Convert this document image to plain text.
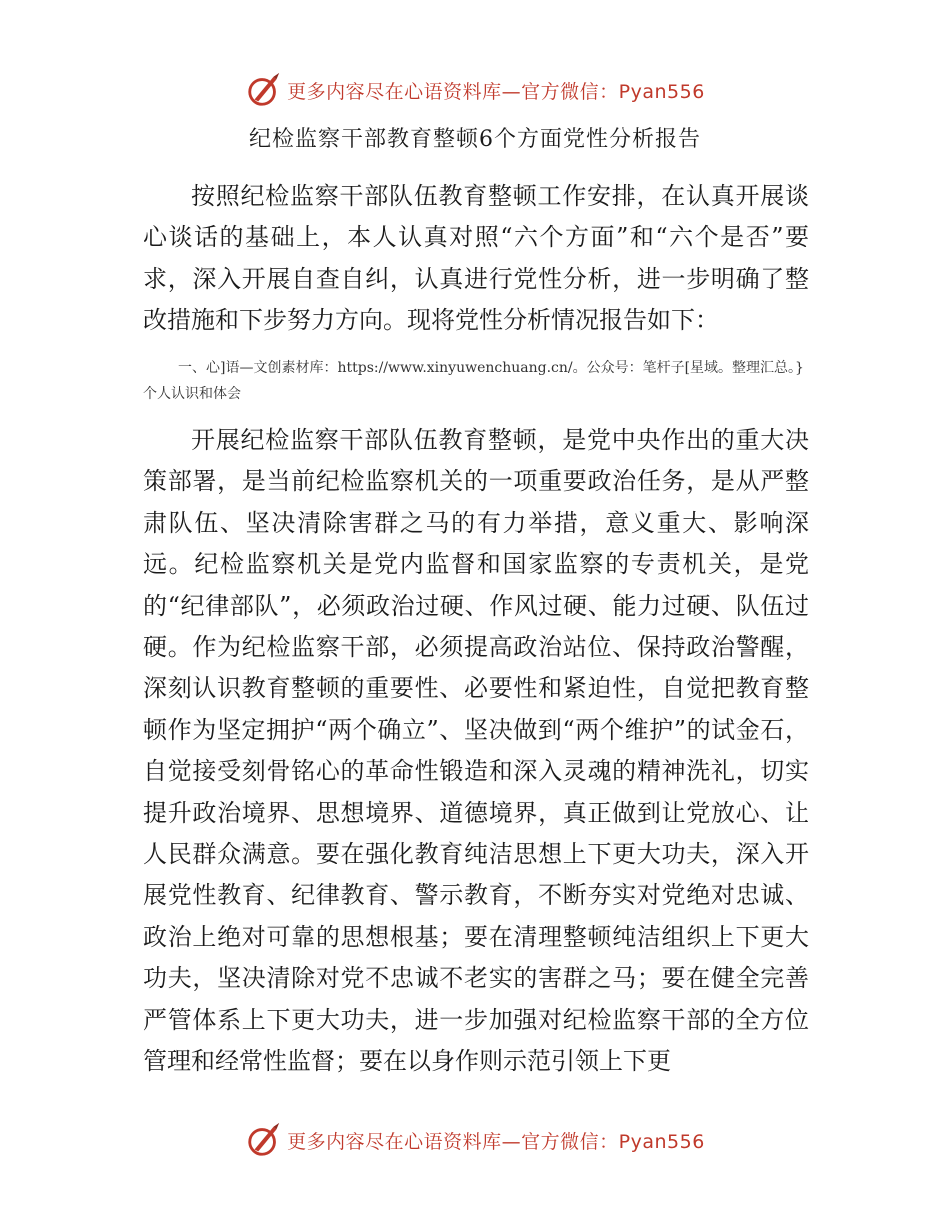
更多内容尽在心语资料库—官方微信：Pyan556
纪检监察干部教育整顿6个方面党性分析报告

按照纪检监察干部队伍教育整顿工作安排，在认真开展谈心谈话的基础上，本人认真对照“六个方面”和“六个是否”要求，深入开展自查自纠，认真进行党性分析，进一步明确了整改措施和下步努力方向。现将党性分析情况报告如下：

一、心]语—文创素材库：https://www.xinyuwenchuang.cn/。公众号：笔杆子[星域。整理汇总。}个人认识和体会

开展纪检监察干部队伍教育整顿，是党中央作出的重大决策部署，是当前纪检监察机关的一项重要政治任务，是从严整肃队伍、坚决清除害群之马的有力举措，意义重大、影响深远。纪检监察机关是党内监督和国家监察的专责机关，是党的“纪律部队”，必须政治过硬、作风过硬、能力过硬、队伍过硬。作为纪检监察干部，必须提高政治站位、保持政治警醒，深刻认识教育整顿的重要性、必要性和紧迫性，自觉把教育整顿作为坚定拥护“两个确立”、坚决做到“两个维护”的试金石，自觉接受刻骨铭心的革命性锻造和深入灵魂的精神洗礼，切实提升政治境界、思想境界、道德境界，真正做到让党放心、让人民群众满意。要在强化教育纯洁思想上下更大功夫，深入开展党性教育、纪律教育、警示教育，不断夯实对党绝对忠诚、政治上绝对可靠的思想根基；要在清理整顿纯洁组织上下更大功夫，坚决清除对党不忠诚不老实的害群之马；要在健全完善严管体系上下更大功夫，进一步加强对纪检监察干部的全方位管理和经常性监督；要在以身作则示范引领上下更

更多内容尽在心语资料库—官方微信：Pyan556
